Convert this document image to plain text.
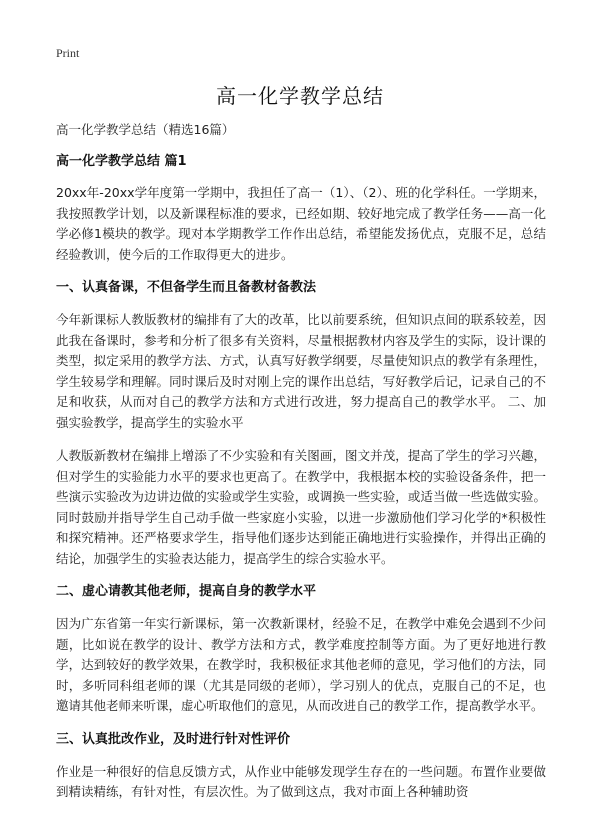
Print
高一化学教学总结

高一化学教学总结（精选16篇）

高一化学教学总结 篇1

20xx年-20xx学年度第一学期中，我担任了高一（1）、（2）、班的化学科任。一学期来，我按照教学计划，以及新课程标准的要求，已经如期、较好地完成了教学任务——高一化学必修1模块的教学。现对本学期教学工作作出总结，希望能发扬优点，克服不足，总结经验教训，使今后的工作取得更大的进步。

一、认真备课，不但备学生而且备教材备教法

今年新课标人教版教材的编排有了大的改革，比以前要系统，但知识点间的联系较差，因此我在备课时，参考和分析了很多有关资料，尽量根据教材内容及学生的实际，设计课的类型，拟定采用的教学方法、方式，认真写好教学纲要，尽量使知识点的教学有条理性，学生较易学和理解。同时课后及时对刚上完的课作出总结，写好教学后记，记录自己的不足和收获，从而对自己的教学方法和方式进行改进，努力提高自己的教学水平。 二、加强实验教学，提高学生的实验水平

人教版新教材在编排上增添了不少实验和有关图画，图文并茂，提高了学生的学习兴趣，但对学生的实验能力水平的要求也更高了。在教学中，我根据本校的实验设备条件，把一些演示实验改为边讲边做的实验或学生实验，或调换一些实验，或适当做一些选做实验。同时鼓励并指导学生自己动手做一些家庭小实验，以进一步激励他们学习化学的*积极性和探究精神。还严格要求学生，指导他们逐步达到能正确地进行实验操作，并得出正确的结论，加强学生的实验表达能力，提高学生的综合实验水平。

二、虚心请教其他老师，提高自身的教学水平

因为广东省第一年实行新课标，第一次教新课材，经验不足，在教学中难免会遇到不少问题，比如说在教学的设计、教学方法和方式，教学难度控制等方面。为了更好地进行教学，达到较好的教学效果，在教学时，我积极征求其他老师的意见，学习他们的方法，同时，多听同科组老师的课（尤其是同级的老师），学习别人的优点，克服自己的不足，也邀请其他老师来听课，虚心听取他们的意见，从而改进自己的教学工作，提高教学水平。

三、认真批改作业，及时进行针对性评价

作业是一种很好的信息反馈方式，从作业中能够发现学生存在的一些问题。布置作业要做到精读精练，有针对性，有层次性。为了做到这点，我对市面上各种辅助资
